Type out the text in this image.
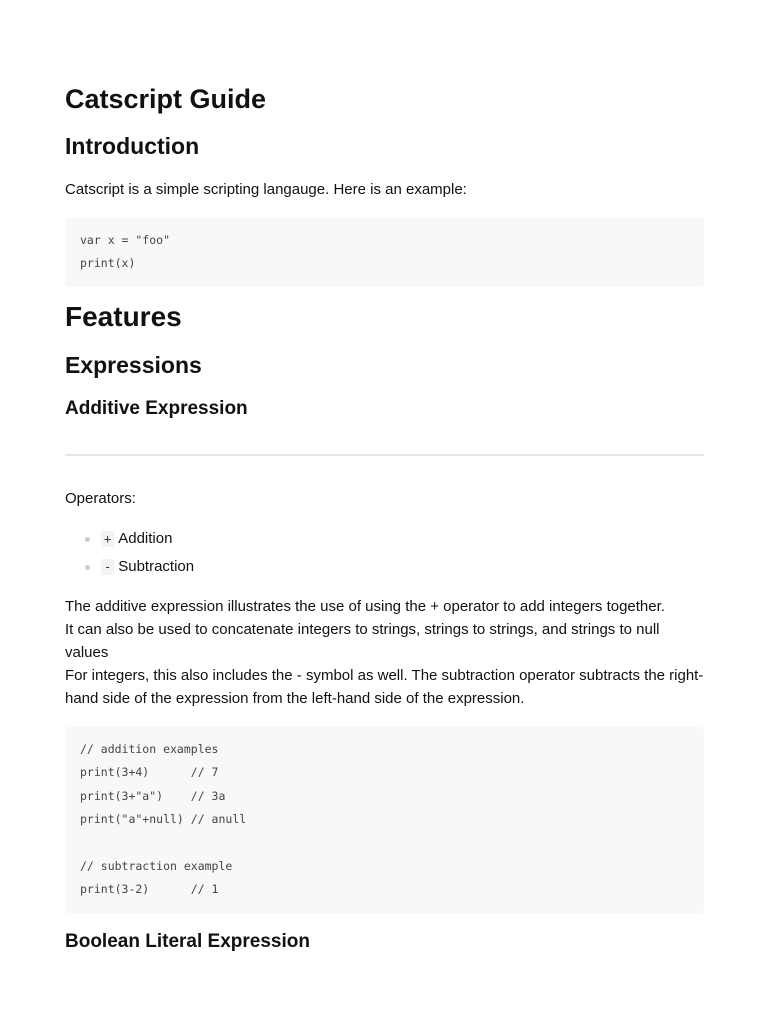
Catscript Guide
Introduction

Catscript is a simple scripting langauge. Here is an example:

var x = "foo"
print(x)
Features
Expressions
Additive Expression

Operators:

+ Addition
- Subtraction

The additive expression illustrates the use of using the + operator to add integers together.
It can also be used to concatenate integers to strings, strings to strings, and strings to null values
For integers, this also includes the - symbol as well. The subtraction operator subtracts the right-hand side of the expression from the left-hand side of the expression.

// addition examples
print(3+4)      // 7
print(3+"a")    // 3a
print("a"+null) // anull
// subtraction example
print(3-2)      // 1
Boolean Literal Expression
